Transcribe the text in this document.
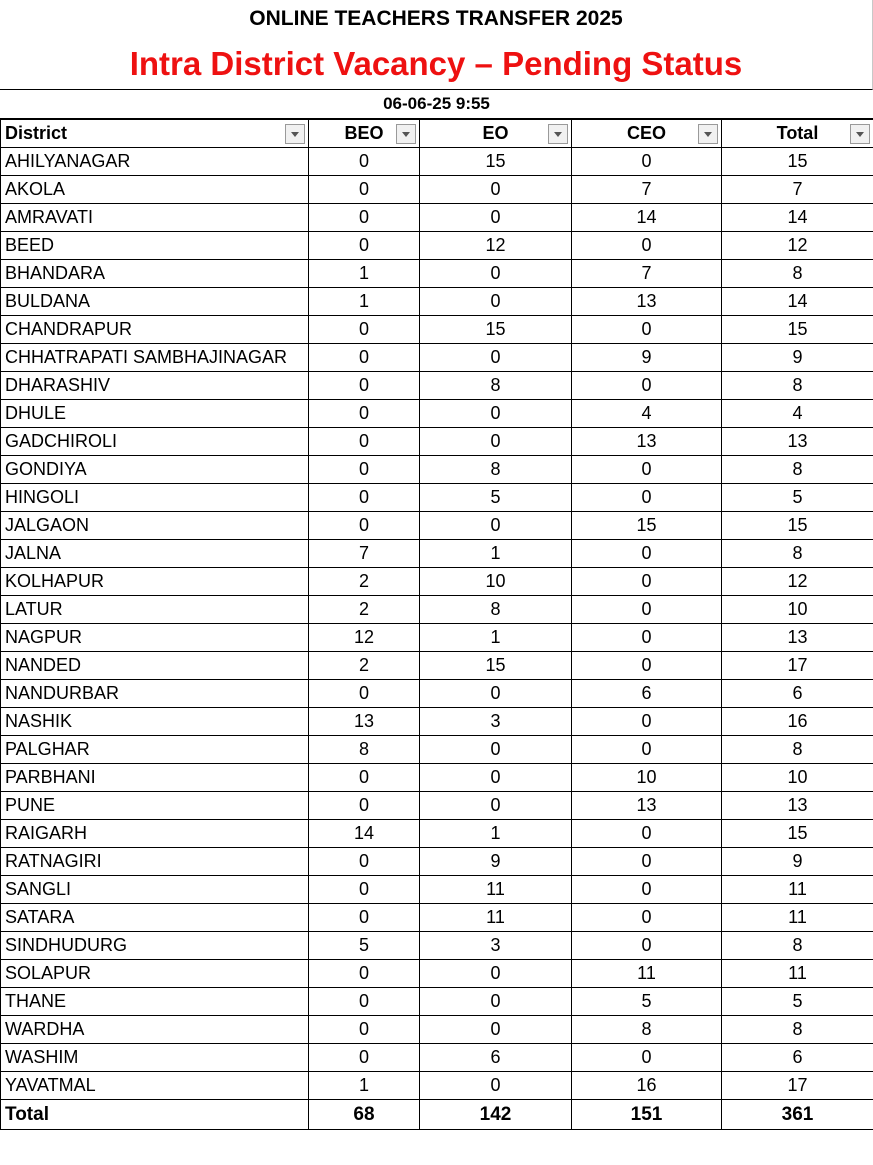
ONLINE TEACHERS TRANSFER 2025
Intra District Vacancy – Pending Status
06-06-25 9:55
District	BEO	EO	CEO	Total

AHILYANAGAR	0	15	0	15
AKOLA	0	0	7	7
AMRAVATI	0	0	14	14
BEED	0	12	0	12
BHANDARA	1	0	7	8
BULDANA	1	0	13	14
CHANDRAPUR	0	15	0	15
CHHATRAPATI SAMBHAJINAGAR	0	0	9	9
DHARASHIV	0	8	0	8
DHULE	0	0	4	4
GADCHIROLI	0	0	13	13
GONDIYA	0	8	0	8
HINGOLI	0	5	0	5
JALGAON	0	0	15	15
JALNA	7	1	0	8
KOLHAPUR	2	10	0	12
LATUR	2	8	0	10
NAGPUR	12	1	0	13
NANDED	2	15	0	17
NANDURBAR	0	0	6	6
NASHIK	13	3	0	16
PALGHAR	8	0	0	8
PARBHANI	0	0	10	10
PUNE	0	0	13	13
RAIGARH	14	1	0	15
RATNAGIRI	0	9	0	9
SANGLI	0	11	0	11
SATARA	0	11	0	11
SINDHUDURG	5	3	0	8
SOLAPUR	0	0	11	11
THANE	0	0	5	5
WARDHA	0	0	8	8
WASHIM	0	6	0	6
YAVATMAL	1	0	16	17
Total	68	142	151	361
